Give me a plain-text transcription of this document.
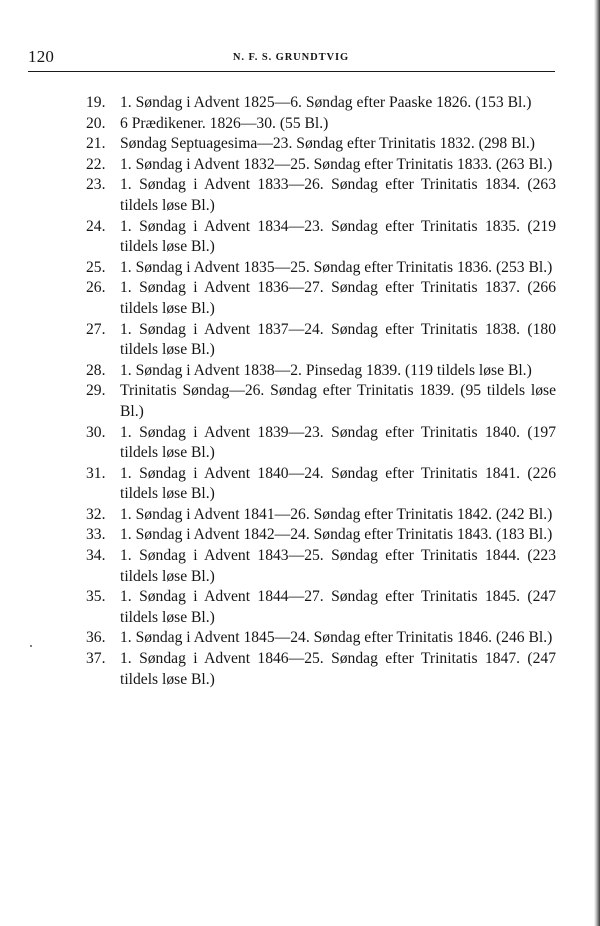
120	N. F. S. GRUNDTVIG
19. 1. Søndag i Advent 1825—6. Søndag efter Paaske 1826. (153 Bl.)
20. 6 Prædikener. 1826—30. (55 Bl.)
21. Søndag Septuagesima—23. Søndag efter Trinitatis 1832. (298 Bl.)
22. 1. Søndag i Advent 1832—25. Søndag efter Trinitatis 1833. (263 Bl.)
23. 1. Søndag i Advent 1833—26. Søndag efter Trinitatis 1834. (263 tildels løse Bl.)
24. 1. Søndag i Advent 1834—23. Søndag efter Trinitatis 1835. (219 tildels løse Bl.)
25. 1. Søndag i Advent 1835—25. Søndag efter Trinitatis 1836. (253 Bl.)
26. 1. Søndag i Advent 1836—27. Søndag efter Trinitatis 1837. (266 tildels løse Bl.)
27. 1. Søndag i Advent 1837—24. Søndag efter Trinitatis 1838. (180 tildels løse Bl.)
28. 1. Søndag i Advent 1838—2. Pinsedag 1839. (119 tildels løse Bl.)
29. Trinitatis Søndag—26. Søndag efter Trinitatis 1839. (95 tildels løse Bl.)
30. 1. Søndag i Advent 1839—23. Søndag efter Trinitatis 1840. (197 tildels løse Bl.)
31. 1. Søndag i Advent 1840—24. Søndag efter Trinitatis 1841. (226 tildels løse Bl.)
32. 1. Søndag i Advent 1841—26. Søndag efter Trinitatis 1842. (242 Bl.)
33. 1. Søndag i Advent 1842—24. Søndag efter Trinitatis 1843. (183 Bl.)
34. 1. Søndag i Advent 1843—25. Søndag efter Trinitatis 1844. (223 tildels løse Bl.)
35. 1. Søndag i Advent 1844—27. Søndag efter Trinitatis 1845. (247 tildels løse Bl.)
36. 1. Søndag i Advent 1845—24. Søndag efter Trinitatis 1846. (246 Bl.)
37. 1. Søndag i Advent 1846—25. Søndag efter Trinitatis 1847. (247 tildels løse Bl.)
